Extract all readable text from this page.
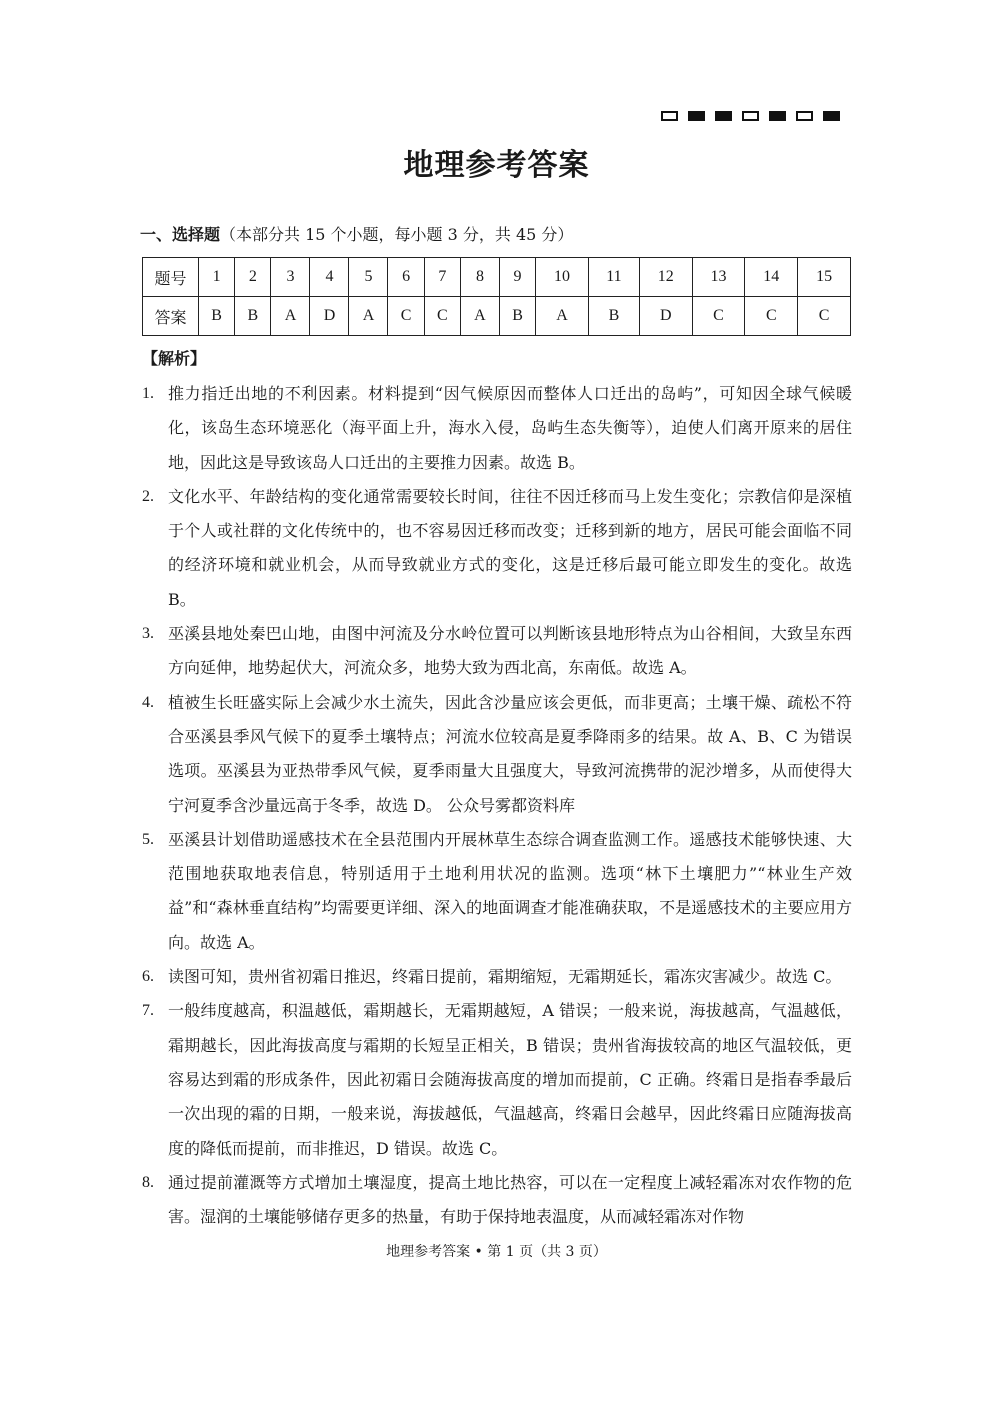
地理参考答案
一、选择题（本部分共 15 个小题，每小题 3 分，共 45 分）
题号	1	2	3	4	5	6	7	8	9	10	11	12	13	14	15
答案	B	B	A	D	A	C	C	A	B	A	B	D	C	C	C
【解析】
1. 推力指迁出地的不利因素。材料提到“因气候原因而整体人口迁出的岛屿”，可知因全球气候暖化，该岛生态环境恶化（海平面上升，海水入侵，岛屿生态失衡等），迫使人们离开原来的居住地，因此这是导致该岛人口迁出的主要推力因素。故选 B。
2. 文化水平、年龄结构的变化通常需要较长时间，往往不因迁移而马上发生变化；宗教信仰是深植于个人或社群的文化传统中的，也不容易因迁移而改变；迁移到新的地方，居民可能会面临不同的经济环境和就业机会，从而导致就业方式的变化，这是迁移后最可能立即发生的变化。故选 B。
3. 巫溪县地处秦巴山地，由图中河流及分水岭位置可以判断该县地形特点为山谷相间，大致呈东西方向延伸，地势起伏大，河流众多，地势大致为西北高，东南低。故选 A。
4. 植被生长旺盛实际上会减少水土流失，因此含沙量应该会更低，而非更高；土壤干燥、疏松不符合巫溪县季风气候下的夏季土壤特点；河流水位较高是夏季降雨多的结果。故 A、B、C 为错误选项。巫溪县为亚热带季风气候，夏季雨量大且强度大，导致河流携带的泥沙增多，从而使得大宁河夏季含沙量远高于冬季，故选 D。 公众号雾都资料库
5. 巫溪县计划借助遥感技术在全县范围内开展林草生态综合调查监测工作。遥感技术能够快速、大范围地获取地表信息，特别适用于土地利用状况的监测。选项“林下土壤肥力”“林业生产效益”和“森林垂直结构”均需要更详细、深入的地面调查才能准确获取，不是遥感技术的主要应用方向。故选 A。
6. 读图可知，贵州省初霜日推迟，终霜日提前，霜期缩短，无霜期延长，霜冻灾害减少。故选 C。
7. 一般纬度越高，积温越低，霜期越长，无霜期越短，A 错误；一般来说，海拔越高，气温越低，霜期越长，因此海拔高度与霜期的长短呈正相关，B 错误；贵州省海拔较高的地区气温较低，更容易达到霜的形成条件，因此初霜日会随海拔高度的增加而提前，C 正确。终霜日是指春季最后一次出现的霜的日期，一般来说，海拔越低，气温越高，终霜日会越早，因此终霜日应随海拔高度的降低而提前，而非推迟，D 错误。故选 C。
8. 通过提前灌溉等方式增加土壤湿度，提高土地比热容，可以在一定程度上减轻霜冻对农作物的危害。湿润的土壤能够储存更多的热量，有助于保持地表温度，从而减轻霜冻对作物
地理参考答案 • 第 1 页（共 3 页）
